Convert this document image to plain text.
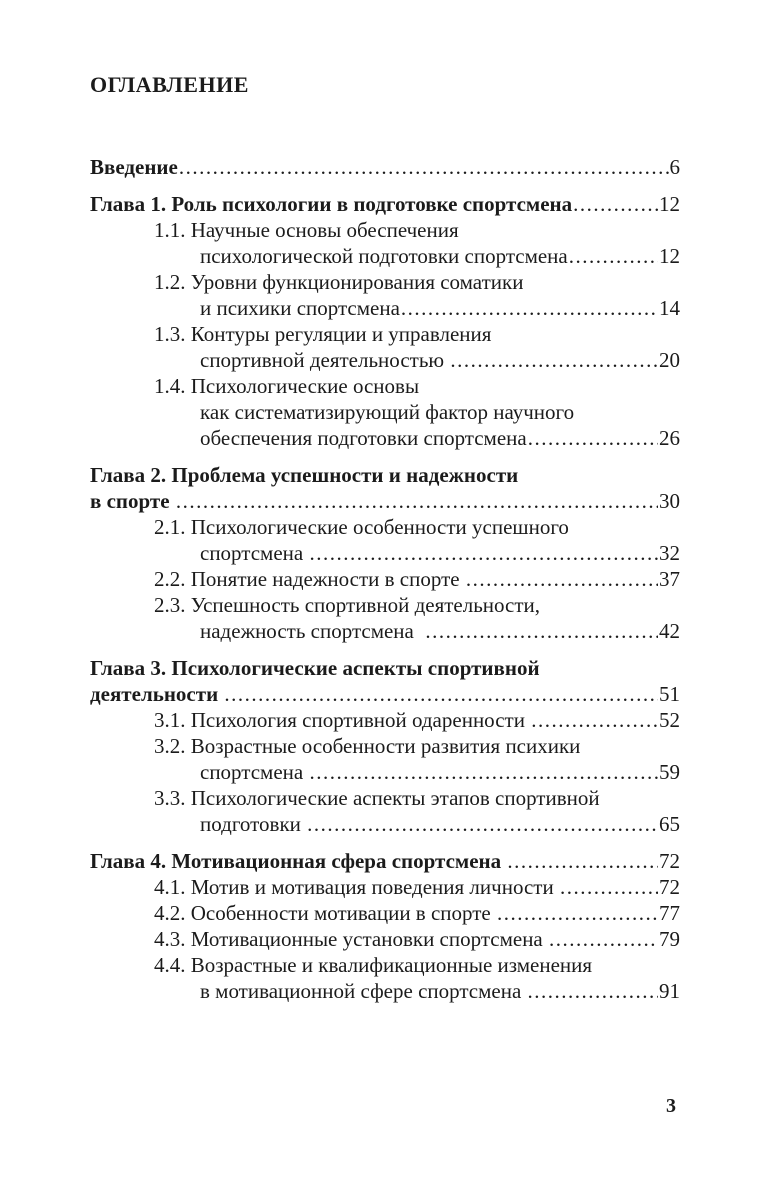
ОГЛАВЛЕНИЕ
Введение .....	6
Глава 1. Роль психологии в подготовке спортсмена .....	12
1.1. Научные основы обеспечения
психологической подготовки спортсмена .....	12
1.2. Уровни функционирования соматики
и психики спортсмена .....	14
1.3. Контуры регуляции и управления
спортивной деятельностью .....	20
1.4. Психологические основы
как систематизирующий фактор научного
обеспечения подготовки спортсмена .....	26
Глава 2. Проблема успешности и надежности
в спорте .....	30
2.1. Психологические особенности успешного
спортсмена .....	32
2.2. Понятие надежности в спорте .....	37
2.3. Успешность спортивной деятельности,
надежность спортсмена .....	42
Глава 3. Психологические аспекты спортивной
деятельности .....	51
3.1. Психология спортивной одаренности .....	52
3.2. Возрастные особенности развития психики
спортсмена .....	59
3.3. Психологические аспекты этапов спортивной
подготовки .....	65
Глава 4. Мотивационная сфера спортсмена .....	72
4.1. Мотив и мотивация поведения личности .....	72
4.2. Особенности мотивации в спорте .....	77
4.3. Мотивационные установки спортсмена .....	79
4.4. Возрастные и квалификационные изменения
в мотивационной сфере спортсмена .....	91
3
